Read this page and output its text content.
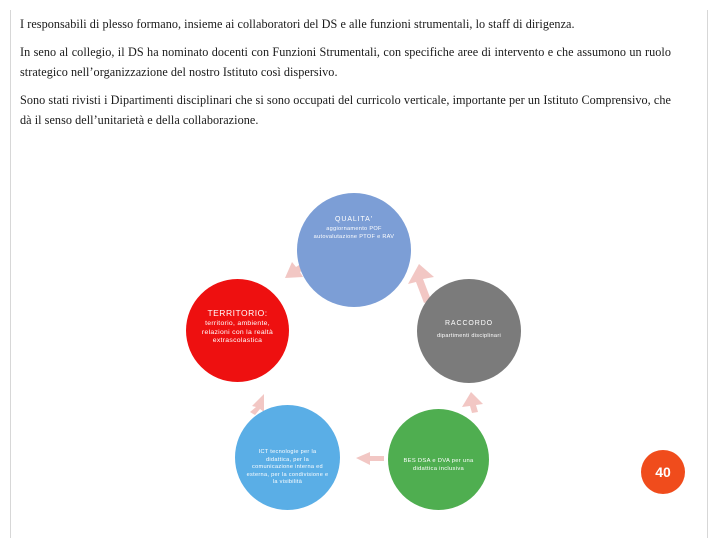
I responsabili di plesso formano, insieme ai collaboratori del DS e alle funzioni strumentali, lo staff di dirigenza.

In seno al collegio, il DS ha nominato docenti con Funzioni Strumentali, con specifiche aree di intervento e che assumono un ruolo strategico nell’organizzazione del nostro Istituto così dispersivo.

Sono stati rivisti i Dipartimenti disciplinari che si sono occupati del curricolo verticale, importante per un Istituto Comprensivo, che dà il senso dell’unitarietà e della collaborazione.

QUALITA'
aggiornamento POF autovalutazione PTOF e RAV
TERRITORIO:
territorio, ambiente, relazioni con la realtà extrascolastica
RACCORDO
dipartimenti disciplinari
ICT tecnologie per la didattica, per la comunicazione interna ed esterna, per la condivisione e la visibilità
BES DSA e DVA per una didattica inclusiva	40
